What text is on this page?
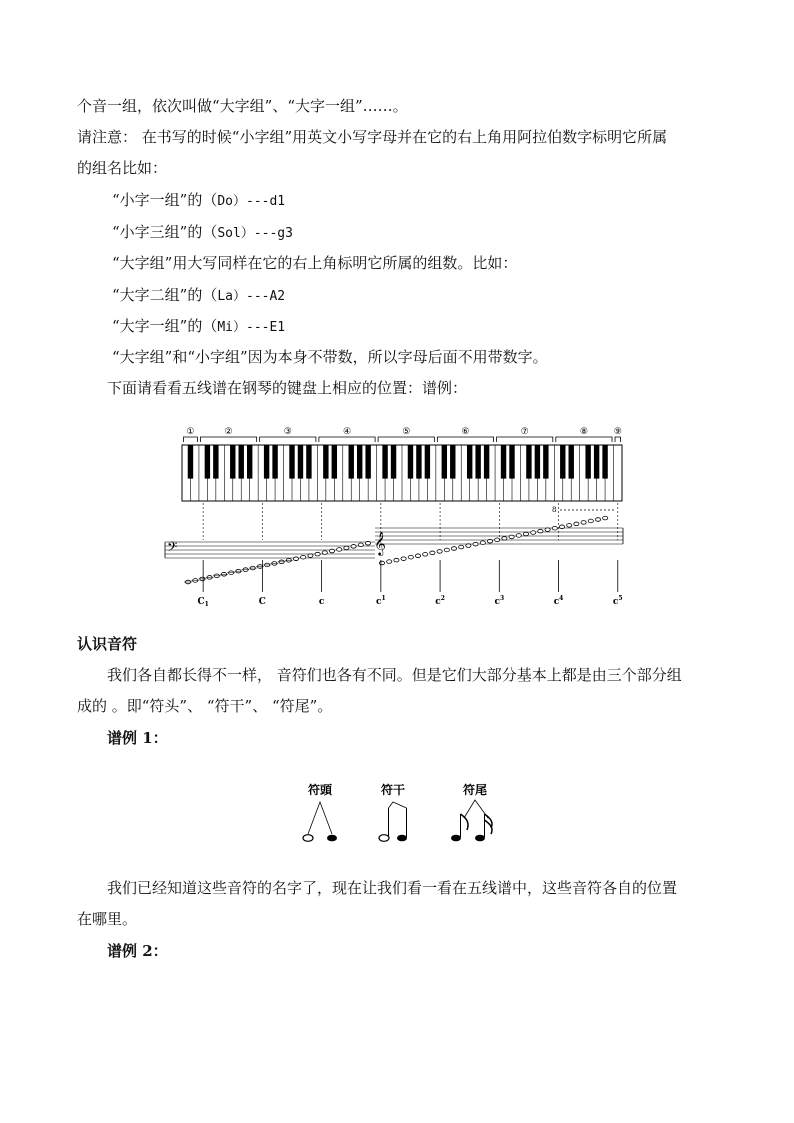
个音一组，依次叫做“大字组”、“大字一组”……。
请注意： 在书写的时候“小字组”用英文小写字母并在它的右上角用阿拉伯数字标明它所属
的组名比如：
“小字一组”的（Do）---d1
“小字三组”的（Sol）---g3
“大字组”用大写同样在它的右上角标明它所属的组数。比如：
“大字二组”的（La）---A2
“大字一组”的（Mi）---E1
“大字组”和“小字组”因为本身不带数，所以字母后面不用带数字。
下面请看看五线谱在钢琴的键盘上相应的位置：谱例：
①	②	③	④	⑤	⑥	⑦	⑧	⑨
𝄢	𝄞
8
$C_1$	C	c	$c^1$	$c^2$	$c^3$	$c^4$	$c^5$
认识音符
我们各自都长得不一样， 音符们也各有不同。但是它们大部分基本上都是由三个部分组
成的 。即“符头”、 “符干”、 “符尾”。
谱例 1：
符頭	符干	符尾
我们已经知道这些音符的名字了，现在让我们看一看在五线谱中，这些音符各自的位置
在哪里。
谱例 2：
